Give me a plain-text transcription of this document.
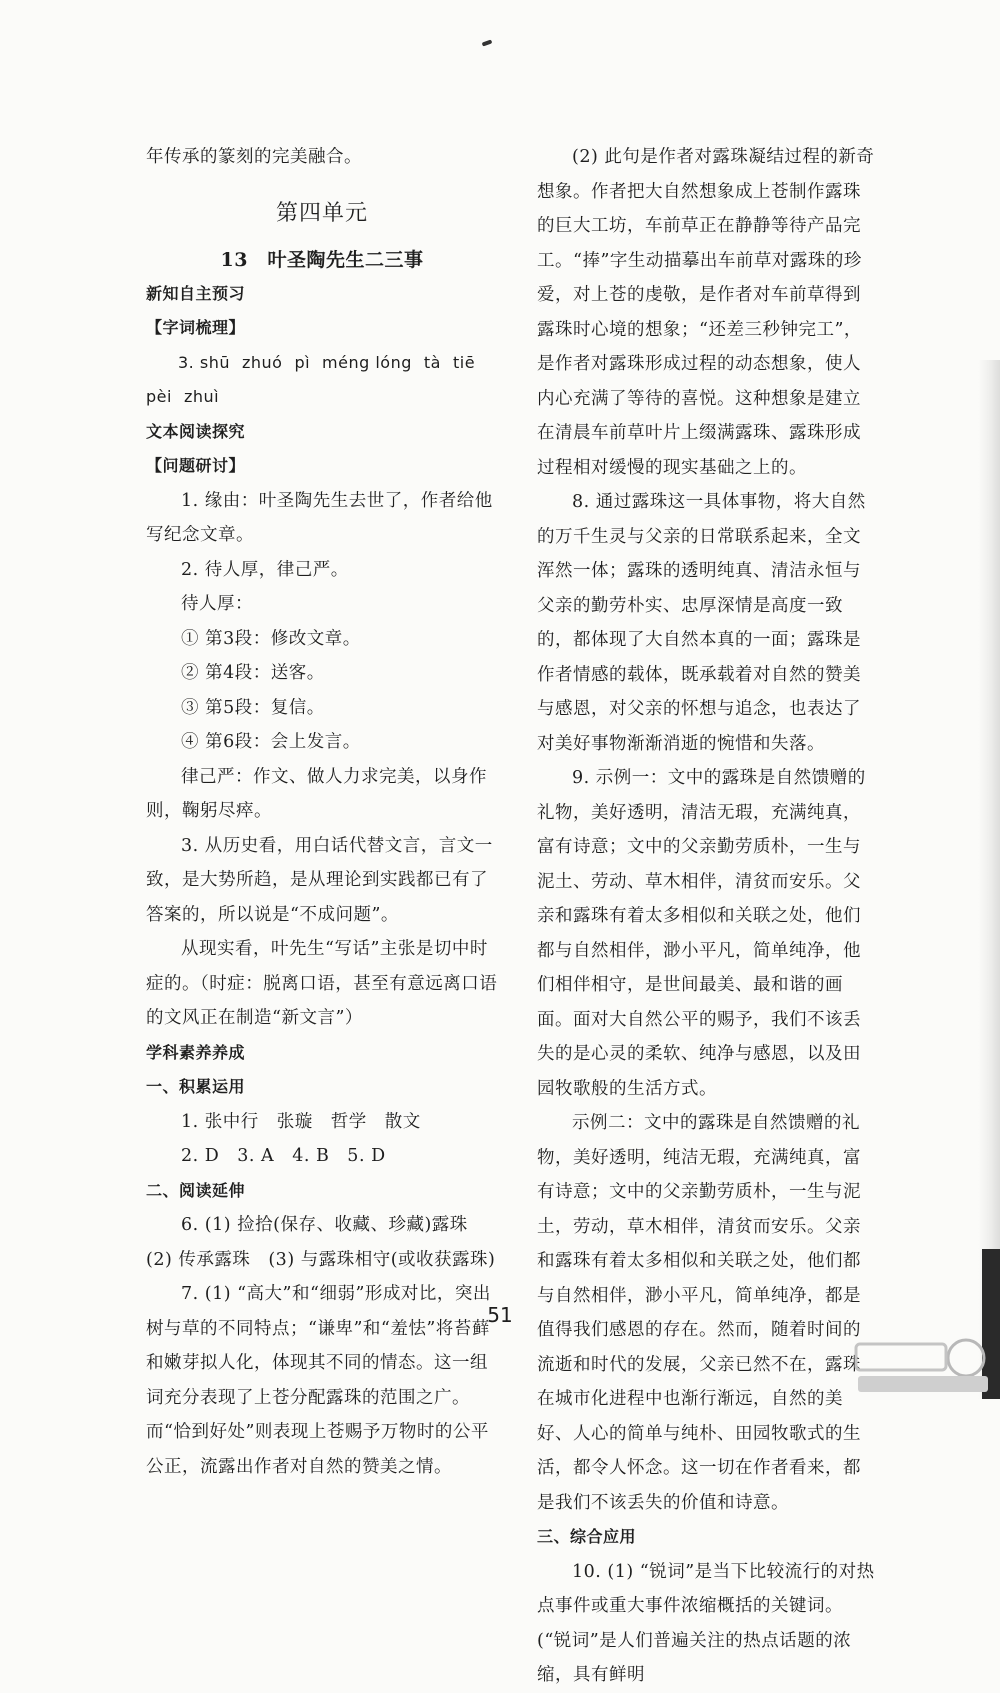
年传承的篆刻的完美融合。

第四单元

13　叶圣陶先生二三事

新知自主预习

【字词梳理】

3. shū zhuó pì méng lóng tà tiē

pèi zhuì

文本阅读探究

【问题研讨】

1. 缘由：叶圣陶先生去世了，作者给他写纪念文章。

2. 待人厚，律己严。

待人厚：

① 第3段：修改文章。

② 第4段：送客。

③ 第5段：复信。

④ 第6段：会上发言。

律己严：作文、做人力求完美，以身作则，鞠躬尽瘁。

3. 从历史看，用白话代替文言，言文一致，是大势所趋，是从理论到实践都已有了答案的，所以说是“不成问题”。

从现实看，叶先生“写话”主张是切中时症的。（时症：脱离口语，甚至有意远离口语的文风正在制造“新文言”）

学科素养养成

一、积累运用

1. 张中行　张璇　哲学　散文

2. D　3. A　4. B　5. D

二、阅读延伸

6. (1) 捡拾(保存、收藏、珍藏)露珠　(2) 传承露珠　(3) 与露珠相守(或收获露珠)

7. (1) “高大”和“细弱”形成对比，突出树与草的不同特点；“谦卑”和“羞怯”将苔藓和嫩芽拟人化，体现其不同的情态。这一组词充分表现了上苍分配露珠的范围之广。而“恰到好处”则表现上苍赐予万物时的公平公正，流露出作者对自然的赞美之情。

(2) 此句是作者对露珠凝结过程的新奇想象。作者把大自然想象成上苍制作露珠的巨大工坊，车前草正在静静等待产品完工。“捧”字生动描摹出车前草对露珠的珍爱，对上苍的虔敬，是作者对车前草得到露珠时心境的想象；“还差三秒钟完工”，是作者对露珠形成过程的动态想象，使人内心充满了等待的喜悦。这种想象是建立在清晨车前草叶片上缀满露珠、露珠形成过程相对缓慢的现实基础之上的。

8. 通过露珠这一具体事物，将大自然的万千生灵与父亲的日常联系起来，全文浑然一体；露珠的透明纯真、清洁永恒与父亲的勤劳朴实、忠厚深情是高度一致的，都体现了大自然本真的一面；露珠是作者情感的载体，既承载着对自然的赞美与感恩，对父亲的怀想与追念，也表达了对美好事物渐渐消逝的惋惜和失落。

9. 示例一：文中的露珠是自然馈赠的礼物，美好透明，清洁无瑕，充满纯真，富有诗意；文中的父亲勤劳质朴，一生与泥土、劳动、草木相伴，清贫而安乐。父亲和露珠有着太多相似和关联之处，他们都与自然相伴，渺小平凡，简单纯净，他们相伴相守，是世间最美、最和谐的画面。面对大自然公平的赐予，我们不该丢失的是心灵的柔软、纯净与感恩，以及田园牧歌般的生活方式。

示例二：文中的露珠是自然馈赠的礼物，美好透明，纯洁无瑕，充满纯真，富有诗意；文中的父亲勤劳质朴，一生与泥土，劳动，草木相伴，清贫而安乐。父亲和露珠有着太多相似和关联之处，他们都与自然相伴，渺小平凡，简单纯净，都是值得我们感恩的存在。然而，随着时间的流逝和时代的发展，父亲已然不在，露珠在城市化进程中也渐行渐远，自然的美好、人心的简单与纯朴、田园牧歌式的生活，都令人怀念。这一切在作者看来，都是我们不该丢失的价值和诗意。

三、综合应用

10. (1) “锐词”是当下比较流行的对热点事件或重大事件浓缩概括的关键词。(“锐词”是人们普遍关注的热点话题的浓缩，具有鲜明

51
